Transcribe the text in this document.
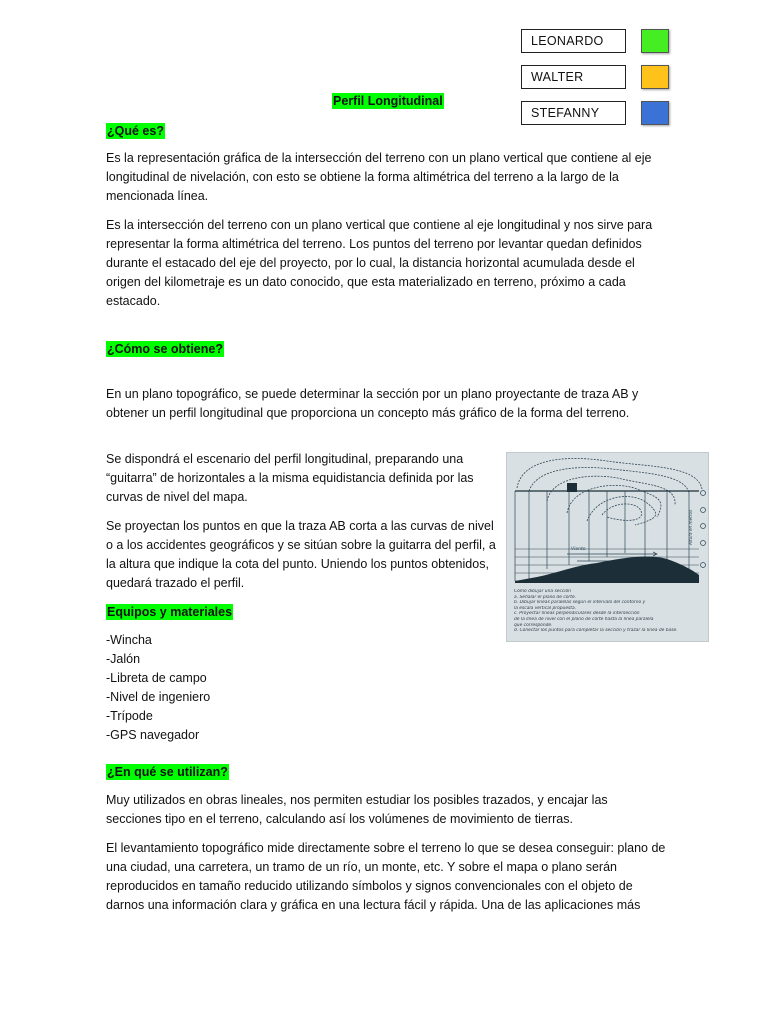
LEONARDO
WALTER
STEFANNY
Perfil Longitudinal
¿Qué es?

Es la representación gráfica de la intersección del terreno con un plano vertical que contiene al eje longitudinal de nivelación, con esto se obtiene la forma altimétrica del terreno a la largo de la mencionada línea.

Es la intersección del terreno con un plano vertical que contiene al eje longitudinal y nos sirve para representar la forma altimétrica del terreno. Los puntos del terreno por levantar quedan definidos durante el estacado del eje del proyecto, por lo cual, la distancia horizontal acumulada desde el origen del kilometraje es un dato conocido, que esta materializado en terreno, próximo a cada estacado.

¿Cómo se obtiene?

En un plano topográfico, se puede determinar la sección por un plano proyectante de traza AB y obtener un perfil longitudinal que proporciona un concepto más gráfico de la forma del terreno.

Se dispondrá el escenario del perfil longitudinal, preparando una “guitarra” de horizontales a la misma equidistancia definida por las curvas de nivel del mapa.

Se proyectan los puntos en que la traza AB corta a las curvas de nivel o a los accidentes geográficos y se sitúan sobre la guitarra del perfil, a la altura que indique la cota del punto. Uniendo los puntos obtenidos, quedará trazado el perfil.

Equipos y materiales
-Wincha
-Jalón
-Libreta de campo
-Nivel de ingeniero
-Trípode
-GPS navegador
¿En qué se utilizan?

Muy utilizados en obras lineales, nos permiten estudiar los posibles trazados, y encajar las secciones tipo en el terreno, calculando así los volúmenes de movimiento de tierras.

El levantamiento topográfico mide directamente sobre el terreno lo que se desea conseguir: plano de una ciudad, una carretera, un tramo de un río, un monte, etc. Y sobre el mapa o plano serán reproducidos en tamaño reducido utilizando símbolos y signos convencionales con el objeto de darnos una información clara y gráfica en una lectura fácil y rápida. Una de las aplicaciones más

Viento
Altura en metros
Cómo dibujar una sección
a. Señalar el plano de corte.
b. Dibujar líneas paralelas según el intervalo del contorno y
la escala vertical propuesta.
c. Proyectar líneas perpendiculares desde la intersección
de la línea de nivel con el plano de corte hasta la línea paralela
que corresponde.
d. Conectar los puntos para completar la sección y trazar la línea de base.
